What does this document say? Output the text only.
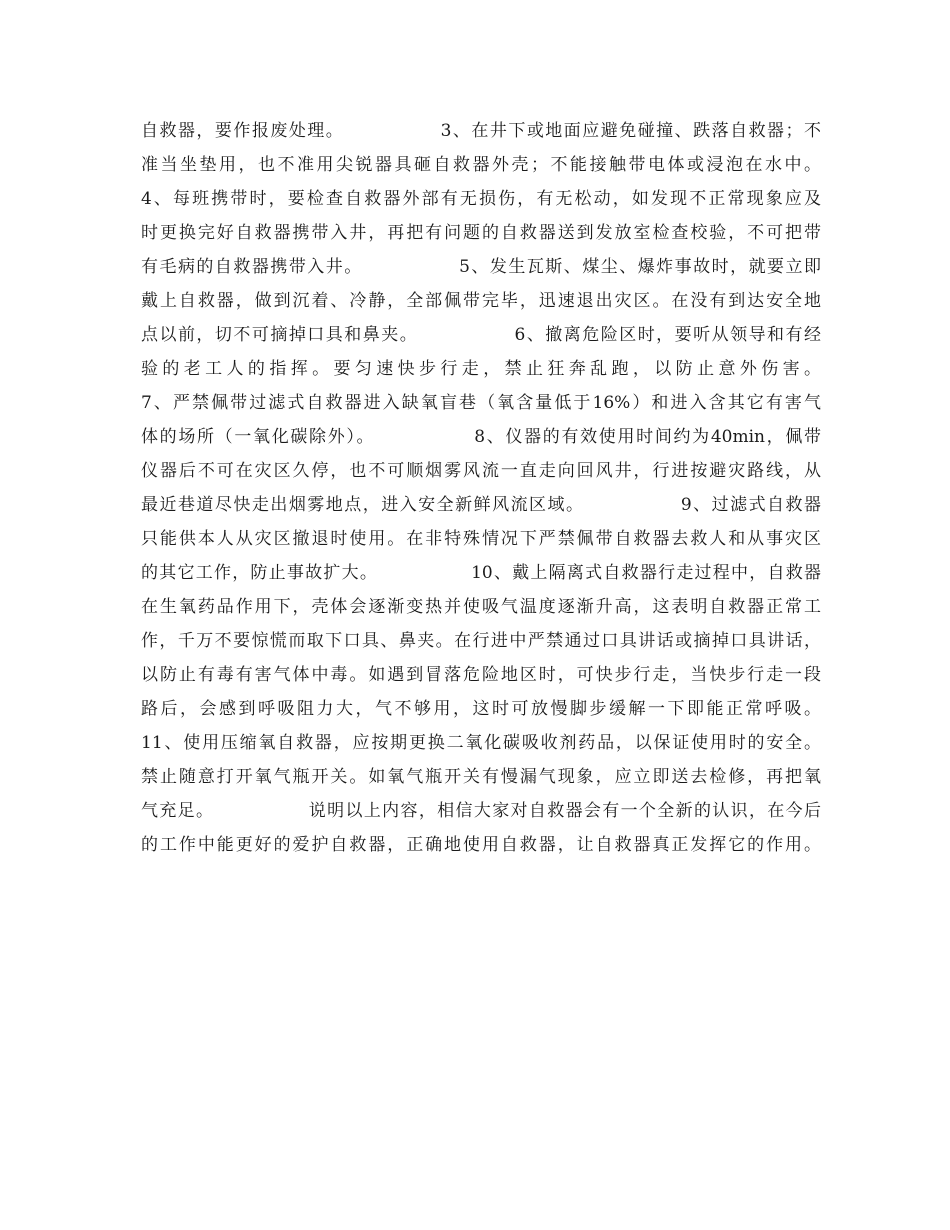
自救器，要作报废处理。              3、在井下或地面应避免碰撞、跌落自救器；不
准当坐垫用，也不准用尖锐器具砸自救器外壳；不能接触带电体或浸泡在水中。
4、每班携带时，要检查自救器外部有无损伤，有无松动，如发现不正常现象应及
时更换完好自救器携带入井，再把有问题的自救器送到发放室检查校验，不可把带
有毛病的自救器携带入井。              5、发生瓦斯、煤尘、爆炸事故时，就要立即
戴上自救器，做到沉着、冷静，全部佩带完毕，迅速退出灾区。在没有到达安全地
点以前，切不可摘掉口具和鼻夹。              6、撤离危险区时，要听从领导和有经
验的老工人的指挥。要匀速快步行走，禁止狂奔乱跑，以防止意外伤害。
7、严禁佩带过滤式自救器进入缺氧盲巷（氧含量低于16%）和进入含其它有害气
体的场所（一氧化碳除外）。              8、仪器的有效使用时间约为40min，佩带
仪器后不可在灾区久停，也不可顺烟雾风流一直走向回风井，行进按避灾路线，从
最近巷道尽快走出烟雾地点，进入安全新鲜风流区域。              9、过滤式自救器
只能供本人从灾区撤退时使用。在非特殊情况下严禁佩带自救器去救人和从事灾区
的其它工作，防止事故扩大。              10、戴上隔离式自救器行走过程中，自救器
在生氧药品作用下，壳体会逐渐变热并使吸气温度逐渐升高，这表明自救器正常工
作，千万不要惊慌而取下口具、鼻夹。在行进中严禁通过口具讲话或摘掉口具讲话，
以防止有毒有害气体中毒。如遇到冒落危险地区时，可快步行走，当快步行走一段
路后，会感到呼吸阻力大，气不够用，这时可放慢脚步缓解一下即能正常呼吸。
11、使用压缩氧自救器，应按期更换二氧化碳吸收剂药品，以保证使用时的安全。
禁止随意打开氧气瓶开关。如氧气瓶开关有慢漏气现象，应立即送去检修，再把氧
气充足。              说明以上内容，相信大家对自救器会有一个全新的认识，在今后
的工作中能更好的爱护自救器，正确地使用自救器，让自救器真正发挥它的作用。
